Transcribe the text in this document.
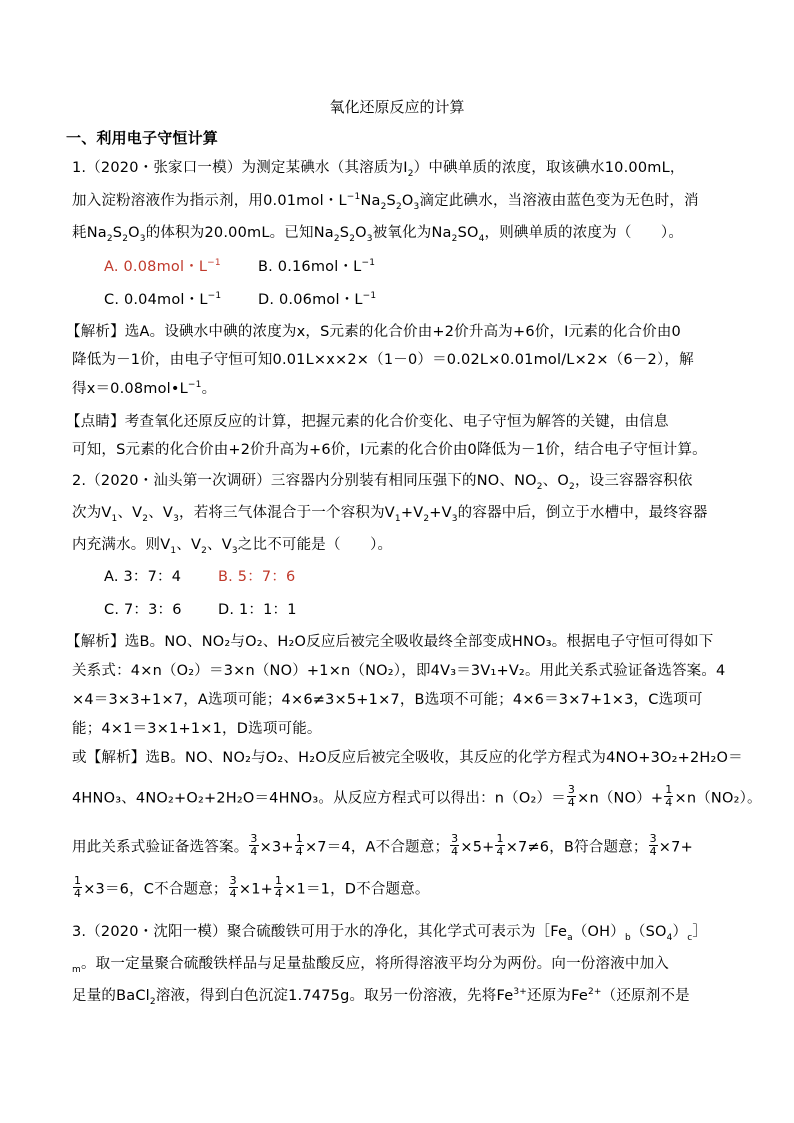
氧化还原反应的计算
一、利用电子守恒计算
1.（2020・张家口一模）为测定某碘水（其溶质为$I_2$）中碘单质的浓度，取该碘水10.00mL，
加入淀粉溶液作为指示剂，用0.01mol・$L^{-1}Na_2S_2O_3$滴定此碘水，当溶液由蓝色变为无色时，消
耗$Na_2S_2O_3$的体积为20.00mL。已知$Na_2S_2O_3$被氧化为$Na_2SO_4$，则碘单质的浓度为（　　）。
A. 0.08mol・$L^{-1}$	B. 0.16mol・$L^{-1}$
C. 0.04mol・$L^{-1}$	D. 0.06mol・$L^{-1}$
【解析】选A。设碘水中碘的浓度为x，S元素的化合价由+2价升高为+6价，I元素的化合价由0
降低为－1价，由电子守恒可知0.01L×x×2×（1－0）＝0.02L×0.01mol/L×2×（6－2），解
得$x=0.08mol•L^{-1}$。
【点睛】考查氧化还原反应的计算，把握元素的化合价变化、电子守恒为解答的关键，由信息
可知，S元素的化合价由+2价升高为+6价，I元素的化合价由0降低为－1价，结合电子守恒计算。
2.（2020・汕头第一次调研）三容器内分别装有相同压强下的NO、$NO_2$、$O_2$，设三容器容积依
次为$V_1$、$V_2$、$V_3$，若将三气体混合于一个容积为$V_1+V_2+V_3$的容器中后，倒立于水槽中，最终容器
内充满水。则$V_1$、$V_2$、$V_3$之比不可能是（　　）。
A. 3：7：4	B. 5：7：6
C. 7：3：6	D. 1：1：1
【解析】选B。NO、NO₂与O₂、H₂O反应后被完全吸收最终全部变成HNO₃。根据电子守恒可得如下
关系式：4×n（O₂）＝3×n（NO）+1×n（NO₂），即4V₃＝3V₁+V₂。用此关系式验证备选答案。4
×4＝3×3+1×7，A选项可能；4×6≠3×5+1×7，B选项不可能；4×6＝3×7+1×3，C选项可
能；4×1＝3×1+1×1，D选项可能。
或【解析】选B。NO、NO₂与O₂、H₂O反应后被完全吸收，其反应的化学方程式为4NO+3O₂+2H₂O＝
4HNO₃、4NO₂+O₂+2H₂O＝4HNO₃。从反应方程式可以得出：$n(O_2)= \frac{3}{4} \times n(NO)+ \frac{1}{4} \times n(NO_2)$。
用此关系式验证备选答案。 $\frac{3}{4} \times 3+ \frac{1}{4} \times 7=4$，A不合题意； $\frac{3}{4} \times 5+ \frac{1}{4} \times 7\ne 6$，B符合题意； $\frac{3}{4} \times 7+$
$\frac{1}{4} \times 3=6$，C不合题意； $\frac{3}{4} \times 1+ \frac{1}{4} \times 1=1$，D不合题意。
3.（2020・沈阳一模）聚合硫酸铁可用于水的净化，其化学式可表示为$[Fe_a(OH)_b(SO_4)_c]$
$_m$。取一定量聚合硫酸铁样品与足量盐酸反应，将所得溶液平均分为两份。向一份溶液中加入
足量的BaCl$_2$溶液，得到白色沉淀1.7475g。取另一份溶液，先将$Fe^{3+}$还原为$Fe^{2+}$（还原剂不是
